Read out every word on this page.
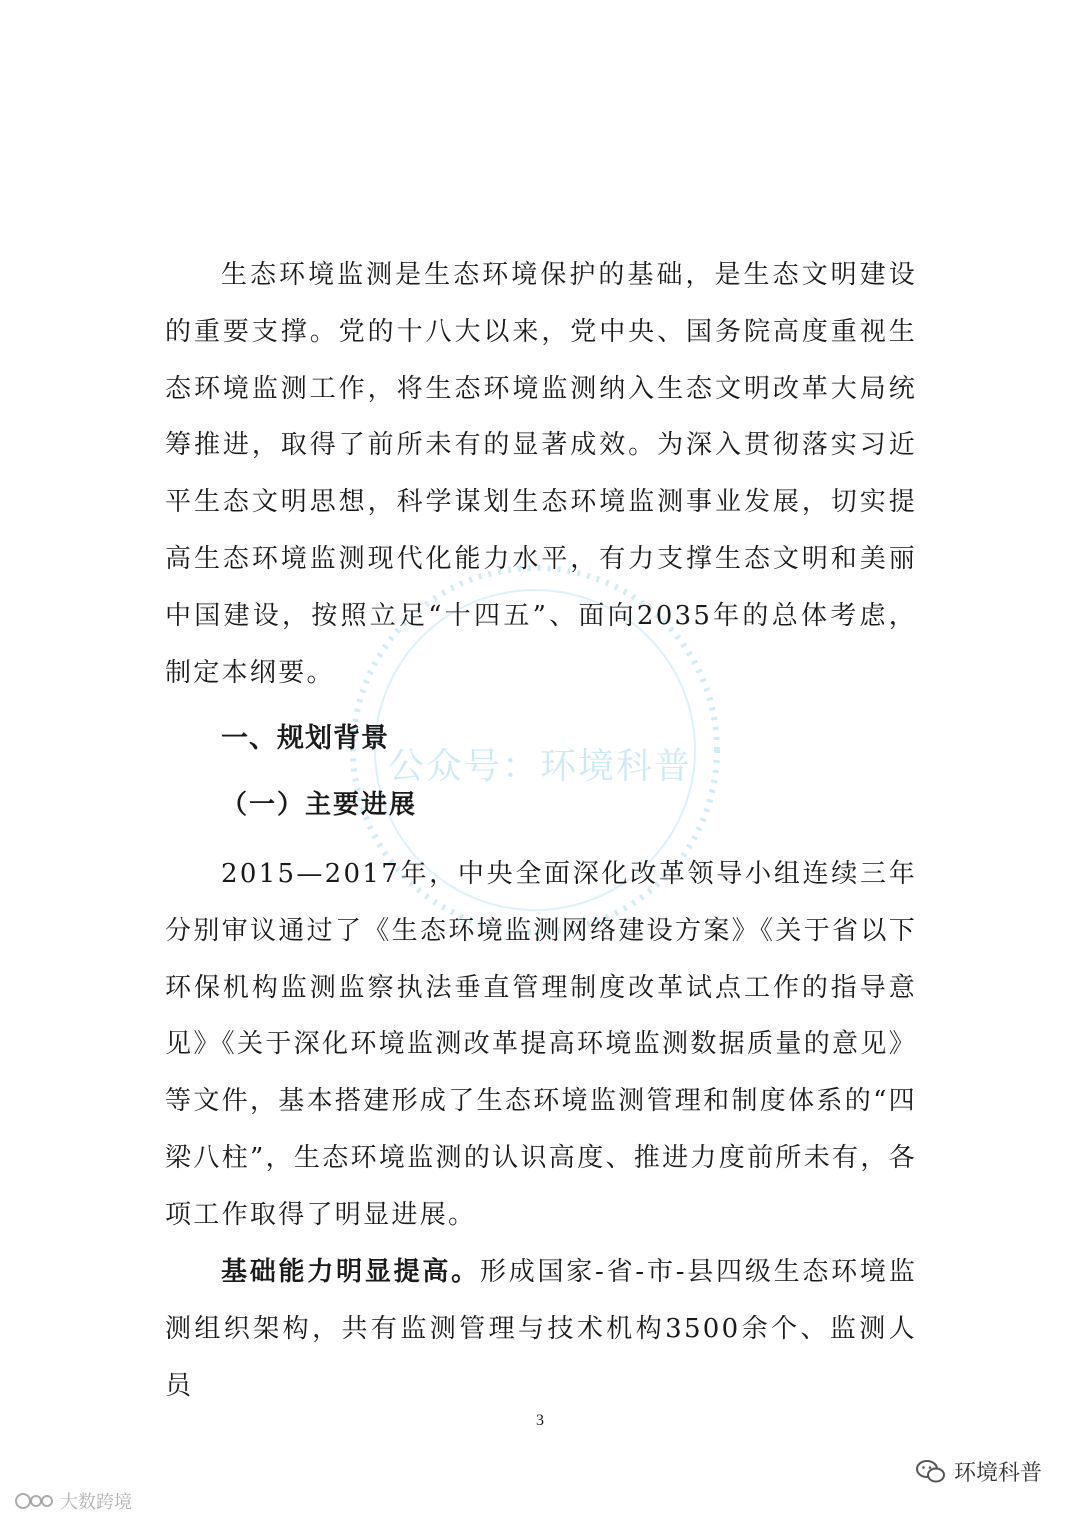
公众号：环境科普

生态环境监测是生态环境保护的基础，是生态文明建设的重要支撑。党的十八大以来，党中央、国务院高度重视生态环境监测工作，将生态环境监测纳入生态文明改革大局统筹推进，取得了前所未有的显著成效。为深入贯彻落实习近平生态文明思想，科学谋划生态环境监测事业发展，切实提高生态环境监测现代化能力水平，有力支撑生态文明和美丽中国建设，按照立足“十四五”、面向2035年的总体考虑，制定本纲要。

一、规划背景
（一）主要进展

2015—2017年，中央全面深化改革领导小组连续三年分别审议通过了《生态环境监测网络建设方案》《关于省以下环保机构监测监察执法垂直管理制度改革试点工作的指导意见》《关于深化环境监测改革提高环境监测数据质量的意见》等文件，基本搭建形成了生态环境监测管理和制度体系的“四梁八柱”，生态环境监测的认识高度、推进力度前所未有，各项工作取得了明显进展。

基础能力明显提高。形成国家-省-市-县四级生态环境监测组织架构，共有监测管理与技术机构3500余个、监测人员

3
环境科普
大数跨境
